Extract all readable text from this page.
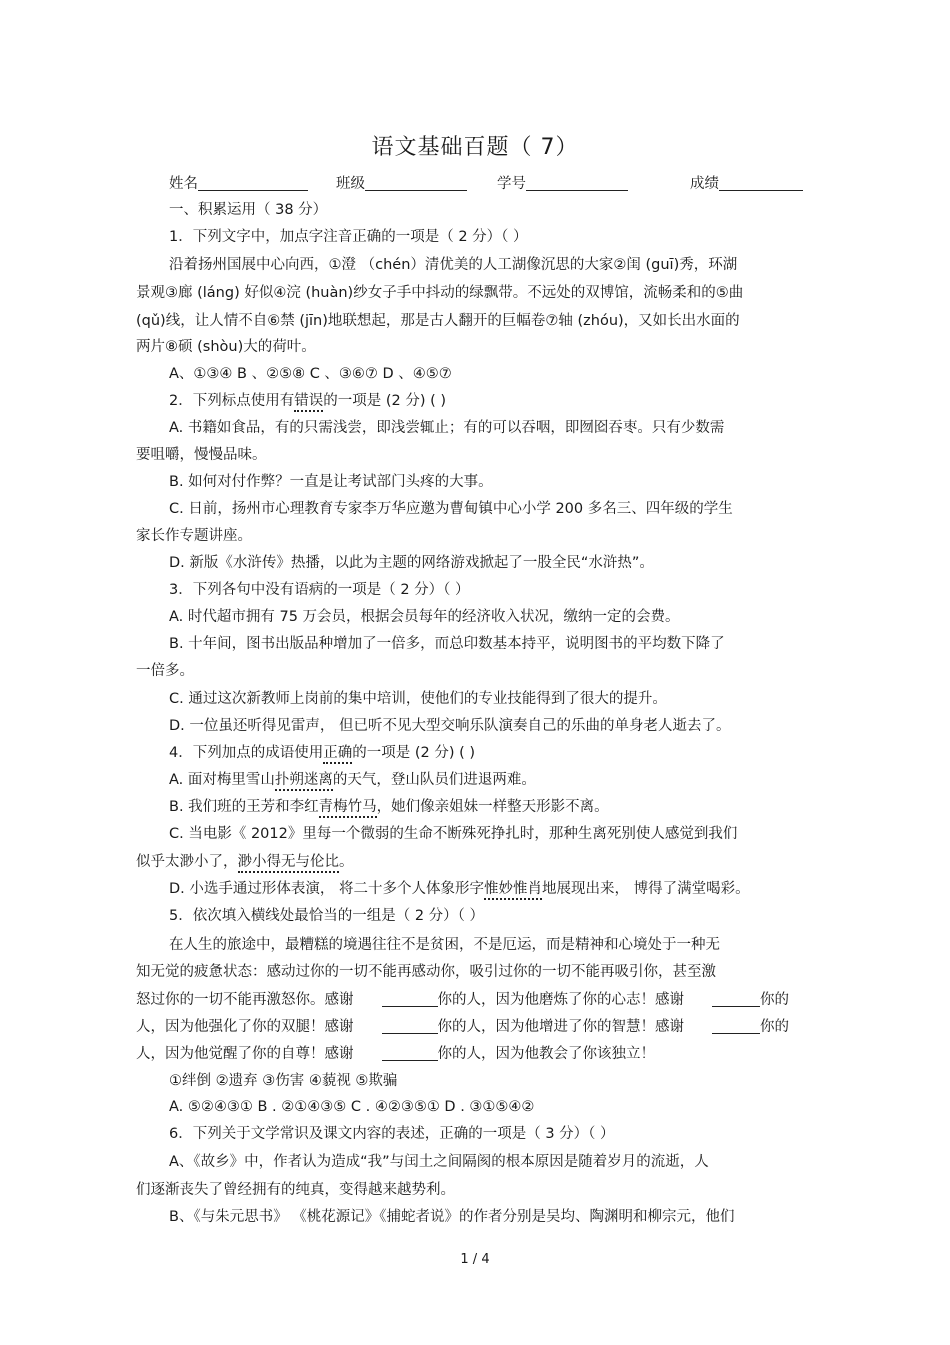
语文基础百题（ 7）
姓名	班级	学号	成绩
一、积累运用（ 38 分）
1．下列文字中，加点字注音正确的一项是（ 2 分）（ ）
沿着扬州国展中心向西，①澄 （chén）清优美的人工湖像沉思的大家②闺 (guī)秀，环湖
景观③廊 (láng) 好似④浣 (huàn)纱女子手中抖动的绿飘带。不远处的双博馆，流畅柔和的⑤曲
(qǔ)线，让人情不自⑥禁 (jīn)地联想起，那是古人翻开的巨幅卷⑦轴 (zhóu)，又如长出水面的
两片⑧硕 (shòu)大的荷叶。
A、①③④ B 、②⑤⑧ C 、③⑥⑦ D 、④⑤⑦
2．下列标点使用有错误的一项是 (2 分) ( )
A. 书籍如食品，有的只需浅尝，即浅尝辄止；有的可以吞咽，即囫囵吞枣。只有少数需
要咀嚼，慢慢品味。
B. 如何对付作弊？一直是让考试部门头疼的大事。
C. 日前，扬州市心理教育专家李万华应邀为曹甸镇中心小学 200 多名三、四年级的学生
家长作专题讲座。
D. 新版《水浒传》热播，以此为主题的网络游戏掀起了一股全民“水浒热”。
3．下列各句中没有语病的一项是（ 2 分）（ ）
A. 时代超市拥有 75 万会员，根据会员每年的经济收入状况，缴纳一定的会费。
B. 十年间，图书出版品种增加了一倍多，而总印数基本持平，说明图书的平均数下降了
一倍多。
C. 通过这次新教师上岗前的集中培训，使他们的专业技能得到了很大的提升。
D. 一位虽还听得见雷声， 但已听不见大型交响乐队演奏自己的乐曲的单身老人逝去了。
4．下列加点的成语使用正确的一项是 (2 分) ( )
A. 面对梅里雪山扑朔迷离的天气，登山队员们进退两难。
B. 我们班的王芳和李红青梅竹马，她们像亲姐妹一样整天形影不离。
C. 当电影《 2012》里每一个微弱的生命不断殊死挣扎时，那种生离死别使人感觉到我们
似乎太渺小了，渺小得无与伦比。
D. 小选手通过形体表演， 将二十多个人体象形字惟妙惟肖地展现出来， 博得了满堂喝彩。
5．依次填入横线处最恰当的一组是（ 2 分）（ ）
在人生的旅途中，最糟糕的境遇往往不是贫困，不是厄运，而是精神和心境处于一种无
知无觉的疲惫状态：感动过你的一切不能再感动你，吸引过你的一切不能再吸引你，甚至激
怒过你的一切不能再激怒你。感谢	你的人，因为他磨炼了你的心志！感谢	你的
人，因为他强化了你的双腿！感谢	你的人，因为他增进了你的智慧！感谢	你的
人，因为他觉醒了你的自尊！感谢	你的人，因为他教会了你该独立！
①绊倒 ②遗弃 ③伤害 ④藐视 ⑤欺骗
A. ⑤②④③① B . ②①④③⑤ C . ④②③⑤① D . ③①⑤④②
6．下列关于文学常识及课文内容的表述，正确的一项是（ 3 分）（ ）
A、《故乡》中，作者认为造成“我”与闰土之间隔阂的根本原因是随着岁月的流逝，人
们逐渐丧失了曾经拥有的纯真，变得越来越势利。
B、《与朱元思书》 《桃花源记》《捕蛇者说》的作者分别是吴均、陶渊明和柳宗元，他们
1 / 4
